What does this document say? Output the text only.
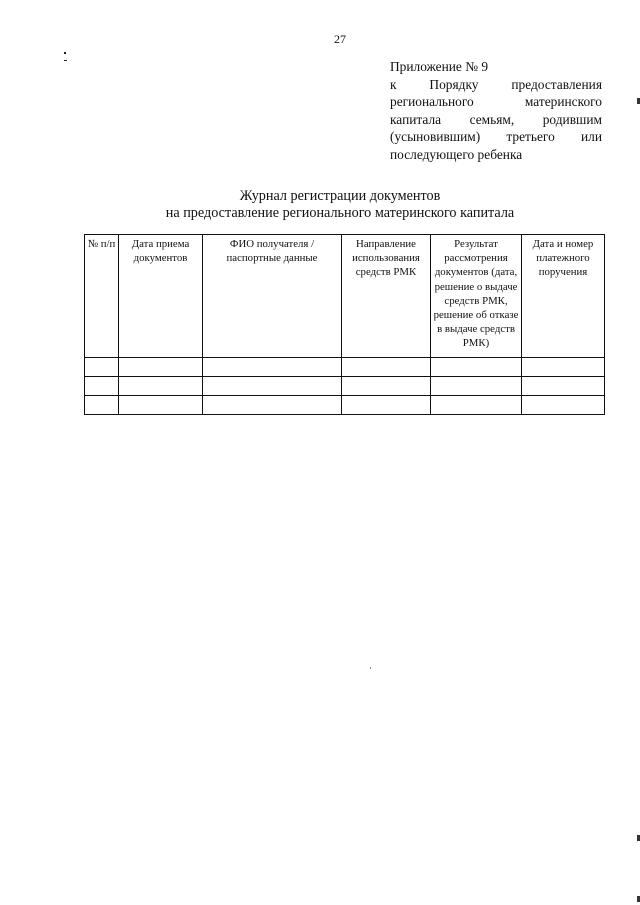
27
Приложение № 9
к Порядку предоставления
регионального материнского
капитала семьям, родившим
(усыновившим) третьего или
последующего ребенка
Журнал регистрации документов
на предоставление регионального материнского капитала
№ п/п	Дата приема документов	ФИО получателя / паспортные данные	Направление использования средств РМК	Результат рассмотрения документов (дата, решение о выдаче средств РМК, решение об отказе в выдаче средств РМК)	Дата и номер платежного поручения
